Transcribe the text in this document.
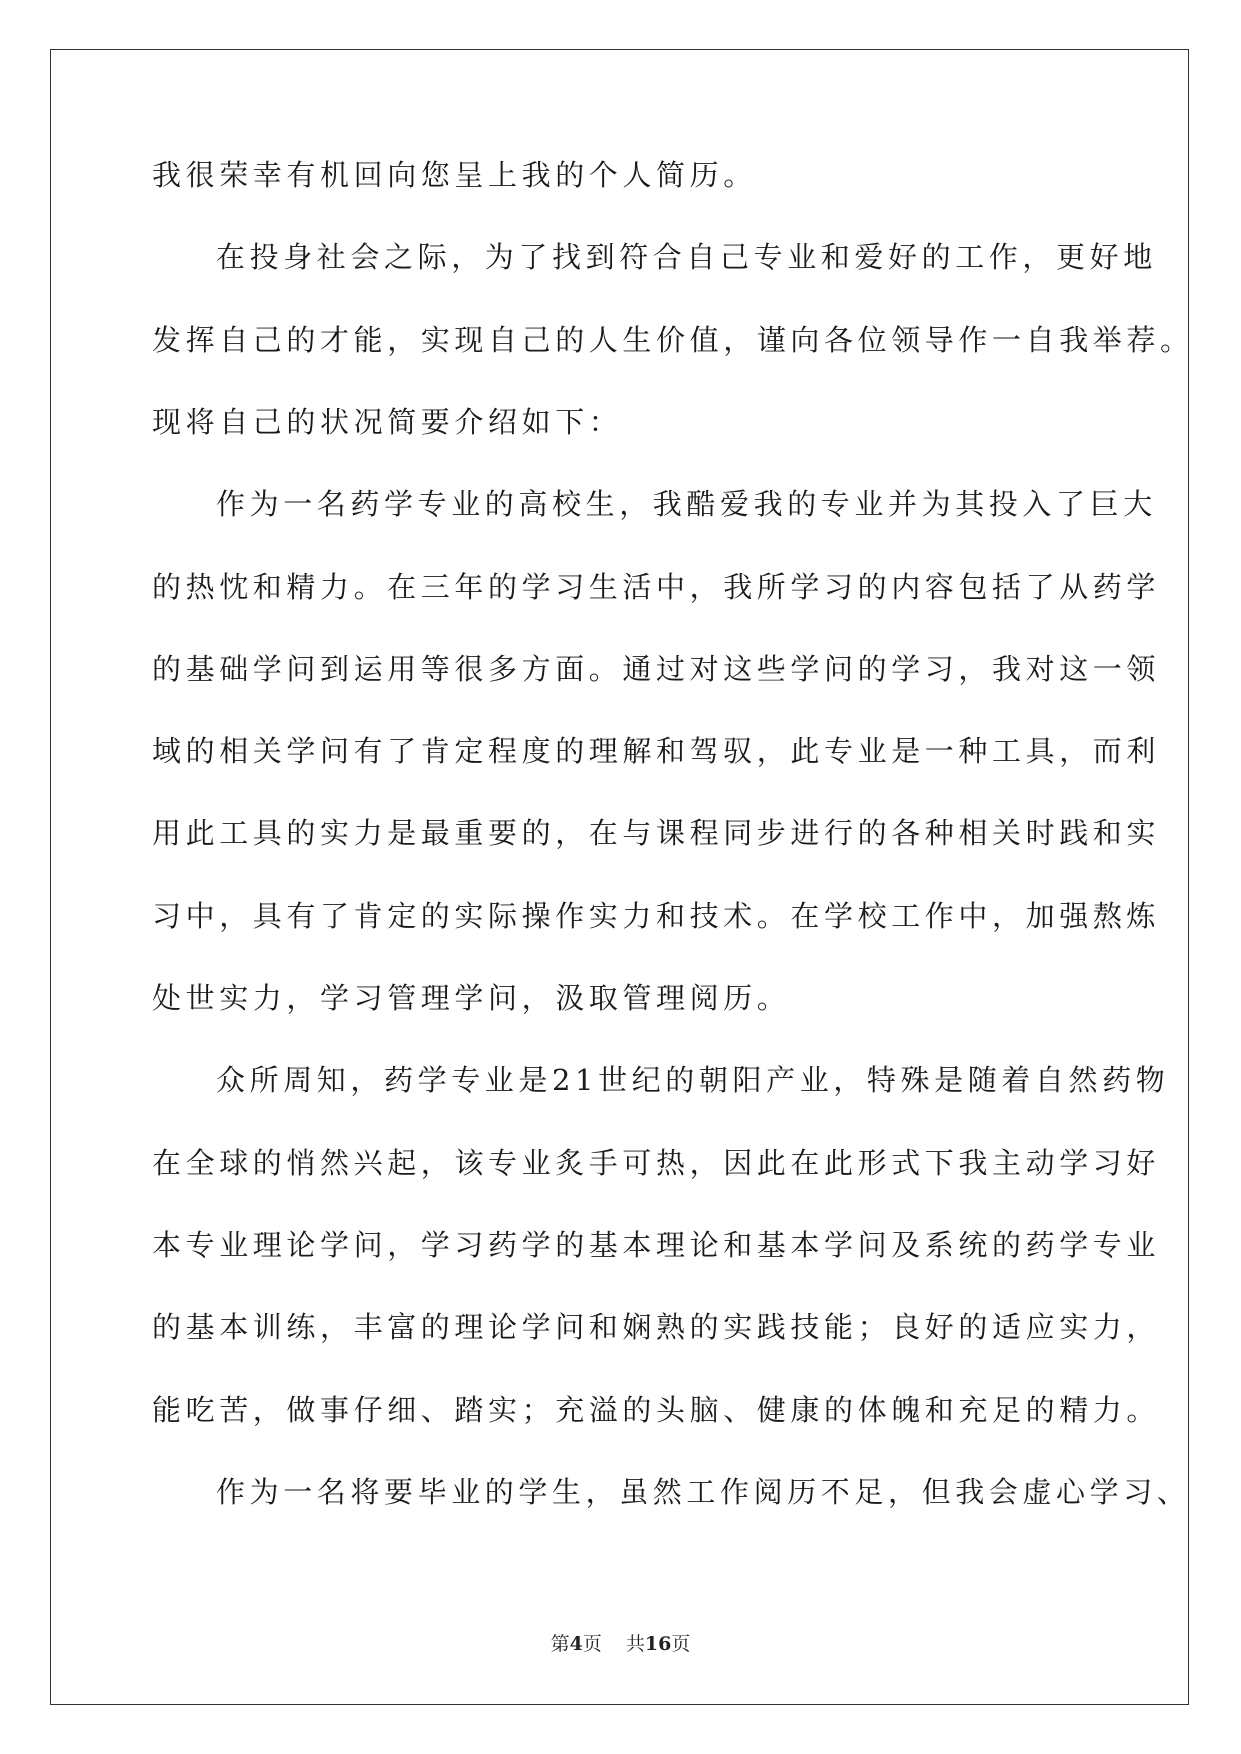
我很荣幸有机回向您呈上我的个人简历。
在投身社会之际，为了找到符合自己专业和爱好的工作，更好地
发挥自己的才能，实现自己的人生价值，谨向各位领导作一自我举荐。
现将自己的状况简要介绍如下：
作为一名药学专业的高校生，我酷爱我的专业并为其投入了巨大
的热忱和精力。在三年的学习生活中，我所学习的内容包括了从药学
的基础学问到运用等很多方面。通过对这些学问的学习，我对这一领
域的相关学问有了肯定程度的理解和驾驭，此专业是一种工具，而利
用此工具的实力是最重要的，在与课程同步进行的各种相关时践和实
习中，具有了肯定的实际操作实力和技术。在学校工作中，加强熬炼
处世实力，学习管理学问，汲取管理阅历。
众所周知，药学专业是21世纪的朝阳产业，特殊是随着自然药物
在全球的悄然兴起，该专业炙手可热，因此在此形式下我主动学习好
本专业理论学问，学习药学的基本理论和基本学问及系统的药学专业
的基本训练，丰富的理论学问和娴熟的实践技能；良好的适应实力，
能吃苦，做事仔细、踏实；充溢的头脑、健康的体魄和充足的精力。
作为一名将要毕业的学生，虽然工作阅历不足，但我会虚心学习、
第4页 共16页
